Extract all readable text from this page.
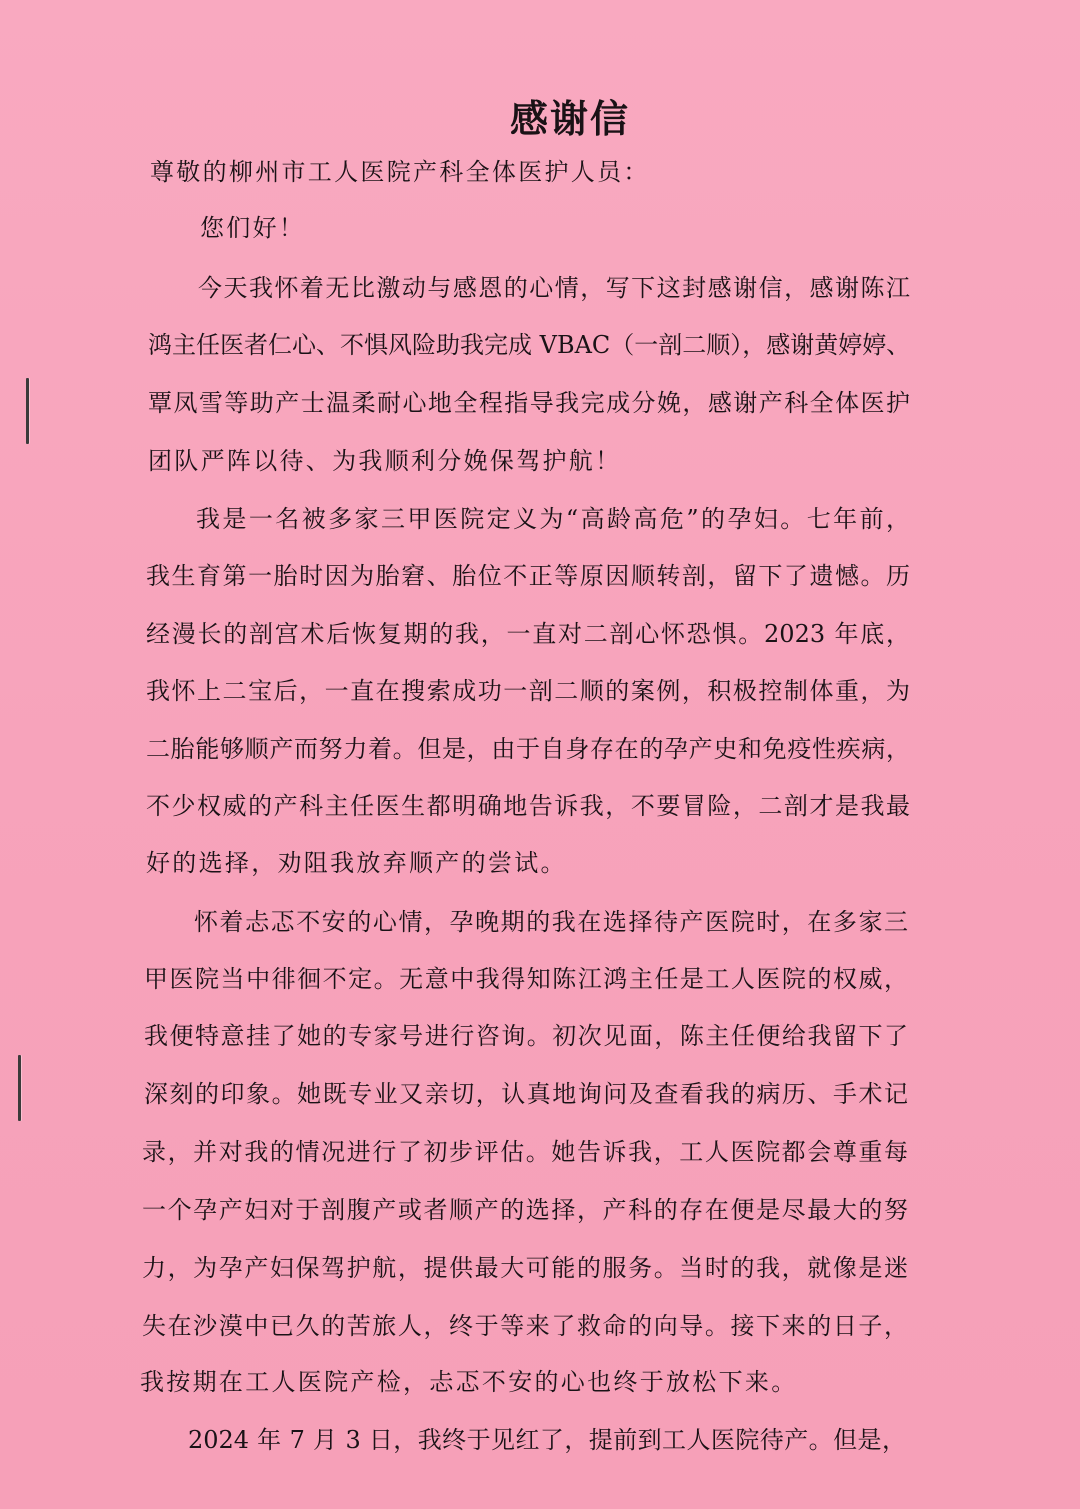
感谢信
尊敬的柳州市工人医院产科全体医护人员：
您们好！
今天我怀着无比激动与感恩的心情，写下这封感谢信，感谢陈江
鸿主任医者仁心、不惧风险助我完成 VBAC（一剖二顺），感谢黄婷婷、
覃凤雪等助产士温柔耐心地全程指导我完成分娩，感谢产科全体医护
团队严阵以待、为我顺利分娩保驾护航！
我是一名被多家三甲医院定义为“高龄高危”的孕妇。七年前，
我生育第一胎时因为胎窘、胎位不正等原因顺转剖，留下了遗憾。历
经漫长的剖宫术后恢复期的我，一直对二剖心怀恐惧。2023 年底，
我怀上二宝后，一直在搜索成功一剖二顺的案例，积极控制体重，为
二胎能够顺产而努力着。但是，由于自身存在的孕产史和免疫性疾病，
不少权威的产科主任医生都明确地告诉我，不要冒险，二剖才是我最
好的选择，劝阻我放弃顺产的尝试。
怀着忐忑不安的心情，孕晚期的我在选择待产医院时，在多家三
甲医院当中徘徊不定。无意中我得知陈江鸿主任是工人医院的权威，
我便特意挂了她的专家号进行咨询。初次见面，陈主任便给我留下了
深刻的印象。她既专业又亲切，认真地询问及查看我的病历、手术记
录，并对我的情况进行了初步评估。她告诉我，工人医院都会尊重每
一个孕产妇对于剖腹产或者顺产的选择，产科的存在便是尽最大的努
力，为孕产妇保驾护航，提供最大可能的服务。当时的我，就像是迷
失在沙漠中已久的苦旅人，终于等来了救命的向导。接下来的日子，
我按期在工人医院产检，忐忑不安的心也终于放松下来。
2024 年 7 月 3 日，我终于见红了，提前到工人医院待产。但是，
